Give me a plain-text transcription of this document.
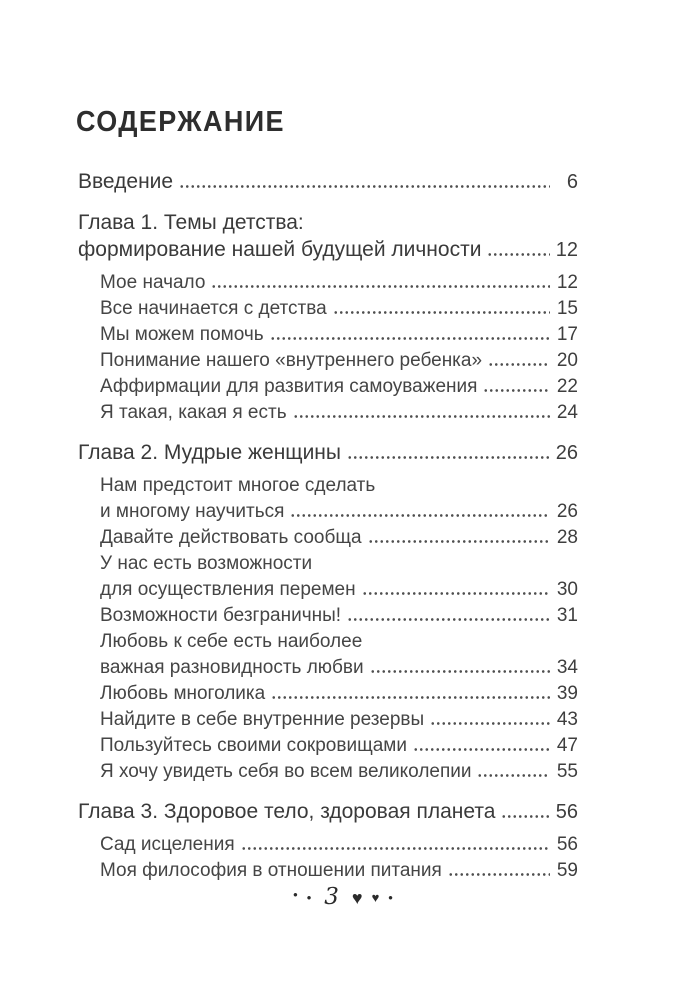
СОДЕРЖАНИЕ
Введение	6
Глава 1. Темы детства:
формирование нашей будущей личности	12
Мое начало	12
Все начинается с детства	15
Мы можем помочь	17
Понимание нашего «внутреннего ребенка»	20
Аффирмации для развития самоуважения	22
Я такая, какая я есть	24
Глава 2. Мудрые женщины	26
Нам предстоит многое сделать
и многому научиться	26
Давайте действовать сообща	28
У нас есть возможности
для осуществления перемен	30
Возможности безграничны!	31
Любовь к себе есть наиболее
важная разновидность любви	34
Любовь многолика	39
Найдите в себе внутренние резервы	43
Пользуйтесь своими сокровищами	47
Я хочу увидеть себя во всем великолепии	55
Глава 3. Здоровое тело, здоровая планета	56
Сад исцеления	56
Моя философия в отношении питания	59
• • 3 ♥ ♥ •
